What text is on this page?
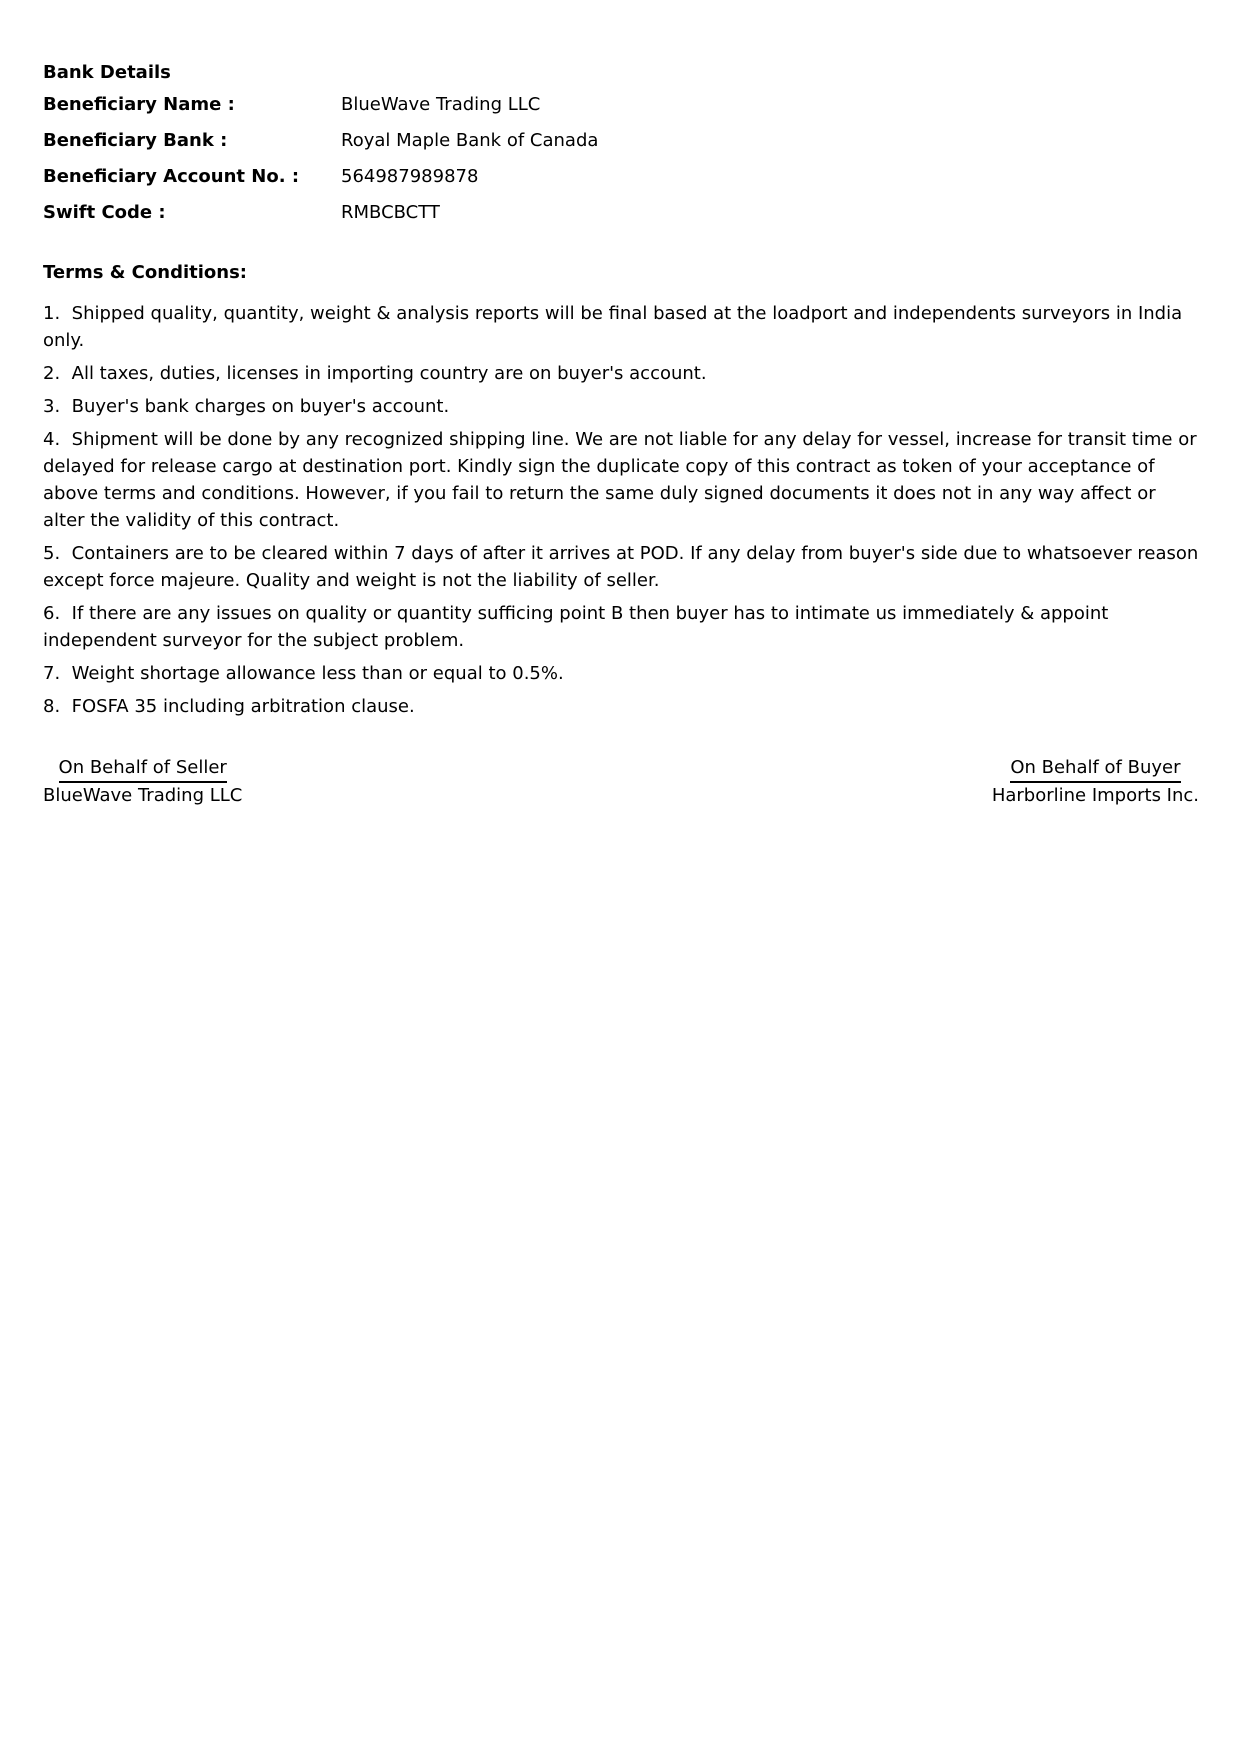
Bank Details
Beneficiary Name :	BlueWave Trading LLC
Beneficiary Bank :	Royal Maple Bank of Canada
Beneficiary Account No. :	564987989878
Swift Code :	RMBCBCTT
Terms & Conditions:
1. Shipped quality, quantity, weight & analysis reports will be final based at the loadport and independents surveyors in India only.
2. All taxes, duties, licenses in importing country are on buyer's account.
3. Buyer's bank charges on buyer's account.
4. Shipment will be done by any recognized shipping line. We are not liable for any delay for vessel, increase for transit time or delayed for release cargo at destination port. Kindly sign the duplicate copy of this contract as token of your acceptance of above terms and conditions. However, if you fail to return the same duly signed documents it does not in any way affect or alter the validity of this contract.
5. Containers are to be cleared within 7 days of after it arrives at POD. If any delay from buyer's side due to whatsoever reason except force majeure. Quality and weight is not the liability of seller.
6. If there are any issues on quality or quantity sufficing point B then buyer has to intimate us immediately & appoint independent surveyor for the subject problem.
7. Weight shortage allowance less than or equal to 0.5%.
8. FOSFA 35 including arbitration clause.
On Behalf of Seller
BlueWave Trading LLC
On Behalf of Buyer
Harborline Imports Inc.
